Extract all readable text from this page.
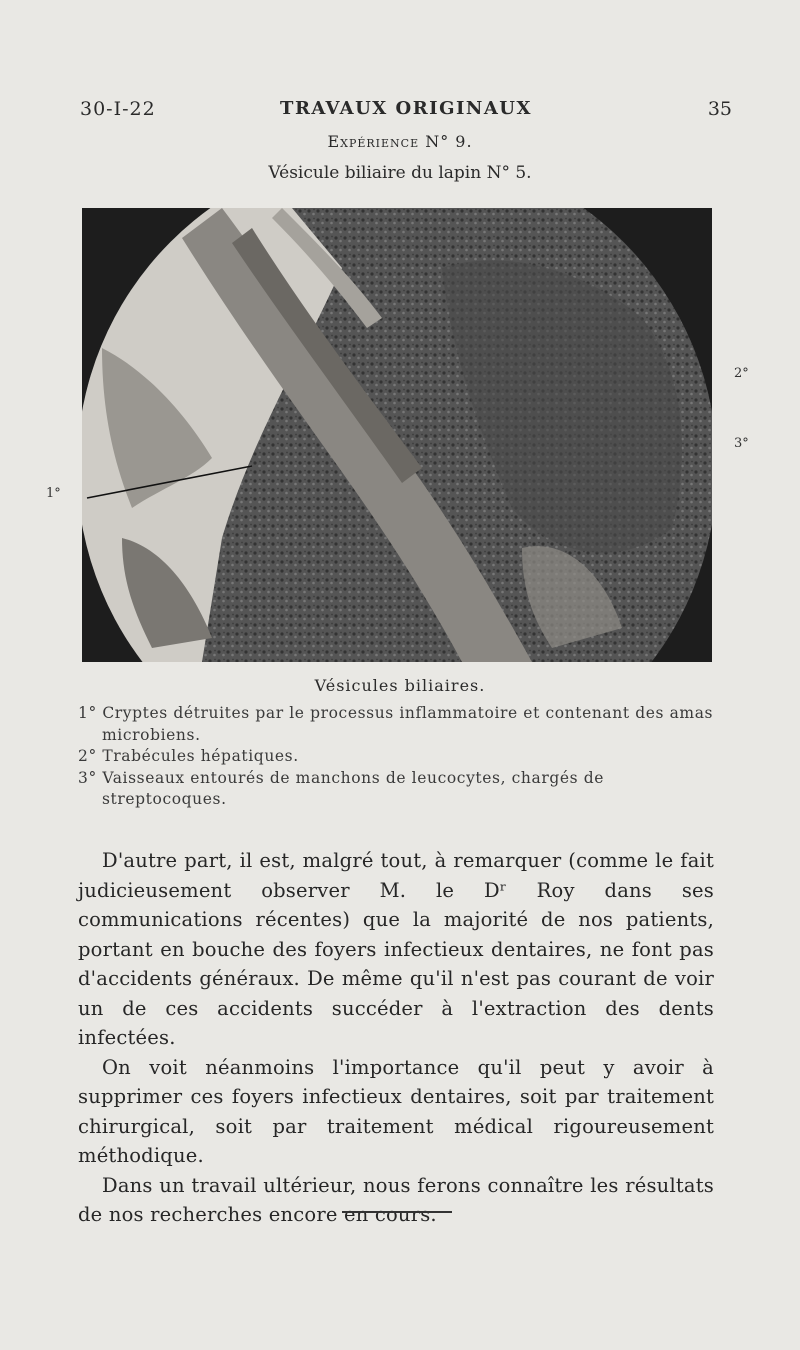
30-I-22	TRAVAUX ORIGINAUX	35
Expérience N° 9.
Vésicule biliaire du lapin N° 5.
1°
2°
3°
Vésicules biliaires.

1° Cryptes détruites par le processus inflammatoire et contenant des amas microbiens.

2° Trabécules hépatiques.

3° Vaisseaux entourés de manchons de leucocytes, chargés de streptocoques.

D'autre part, il est, malgré tout, à remarquer (comme le fait judicieusement observer M. le Dʳ Roy dans ses communications récentes) que la majorité de nos patients, portant en bouche des foyers infectieux dentaires, ne font pas d'accidents généraux. De même qu'il n'est pas courant de voir un de ces accidents succéder à l'extraction des dents infectées.

On voit néanmoins l'importance qu'il peut y avoir à supprimer ces foyers infectieux dentaires, soit par traitement chirurgical, soit par traitement médical rigoureusement méthodique.

Dans un travail ultérieur, nous ferons connaître les résultats de nos recherches encore en cours.
